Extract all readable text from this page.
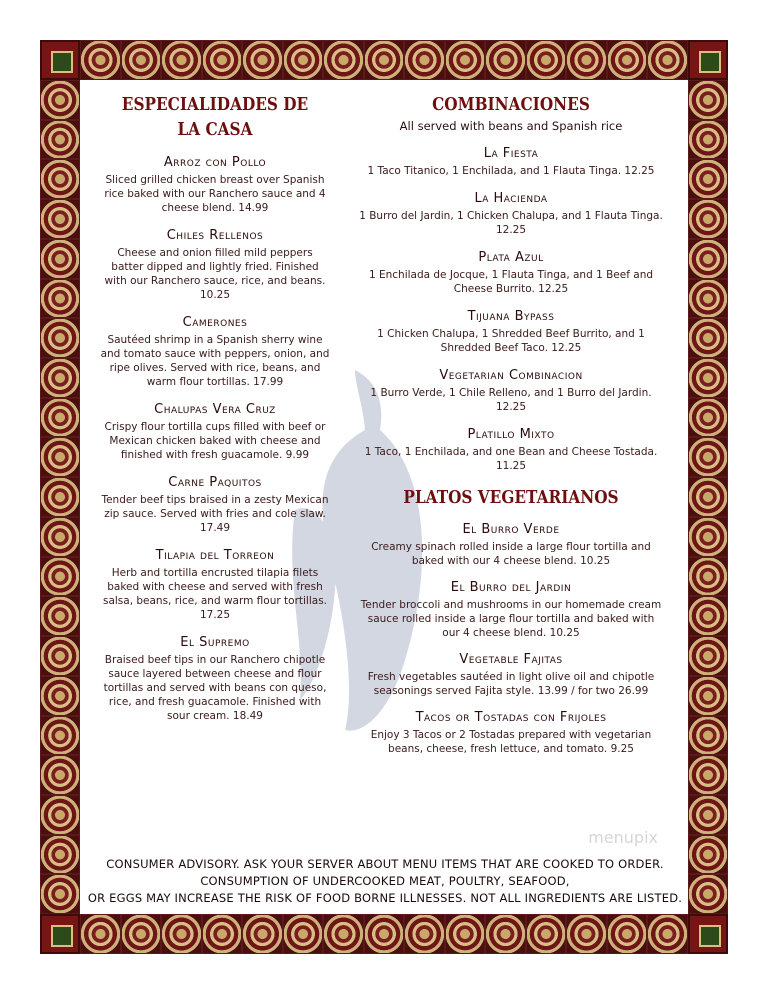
ESPECIALIDADES DE LA CASA

Arroz con Pollo

Sliced grilled chicken breast over Spanish rice baked with our Ranchero sauce and 4 cheese blend. 14.99

Chiles Rellenos

Cheese and onion filled mild peppers batter dipped and lightly fried. Finished with our Ranchero sauce, rice, and beans. 10.25

Camerones

Sautéed shrimp in a Spanish sherry wine and tomato sauce with peppers, onion, and ripe olives. Served with rice, beans, and warm flour tortillas. 17.99

Chalupas Vera Cruz

Crispy flour tortilla cups filled with beef or Mexican chicken baked with cheese and finished with fresh guacamole. 9.99

Carne Paquitos

Tender beef tips braised in a zesty Mexican zip sauce. Served with fries and cole slaw. 17.49

Tilapia del Torreon

Herb and tortilla encrusted tilapia filets baked with cheese and served with fresh salsa, beans, rice, and warm flour tortillas. 17.25

El Supremo

Braised beef tips in our Ranchero chipotle sauce layered between cheese and flour tortillas and served with beans con queso, rice, and fresh guacamole. Finished with sour cream. 18.49

COMBINACIONES

All served with beans and Spanish rice

La Fiesta

1 Taco Titanico, 1 Enchilada, and 1 Flauta Tinga. 12.25

La Hacienda

1 Burro del Jardin, 1 Chicken Chalupa, and 1 Flauta Tinga. 12.25

Plata Azul

1 Enchilada de Jocque, 1 Flauta Tinga, and 1 Beef and Cheese Burrito. 12.25

Tijuana Bypass

1 Chicken Chalupa, 1 Shredded Beef Burrito, and 1 Shredded Beef Taco. 12.25

Vegetarian Combinacion

1 Burro Verde, 1 Chile Relleno, and 1 Burro del Jardin. 12.25

Platillo Mixto

1 Taco, 1 Enchilada, and one Bean and Cheese Tostada. 11.25

PLATOS VEGETARIANOS

El Burro Verde

Creamy spinach rolled inside a large flour tortilla and baked with our 4 cheese blend. 10.25

El Burro del Jardin

Tender broccoli and mushrooms in our homemade cream sauce rolled inside a large flour tortilla and baked with our 4 cheese blend. 10.25

Vegetable Fajitas

Fresh vegetables sautéed in light olive oil and chipotle seasonings served Fajita style. 13.99 / for two 26.99

Tacos or Tostadas con Frijoles

Enjoy 3 Tacos or 2 Tostadas prepared with vegetarian beans, cheese, fresh lettuce, and tomato. 9.25

CONSUMER ADVISORY. ASK YOUR SERVER ABOUT MENU ITEMS THAT ARE COOKED TO ORDER.
CONSUMPTION OF UNDERCOOKED MEAT, POULTRY, SEAFOOD,
OR EGGS MAY INCREASE THE RISK OF FOOD BORNE ILLNESSES. NOT ALL INGREDIENTS ARE LISTED.
menupix
